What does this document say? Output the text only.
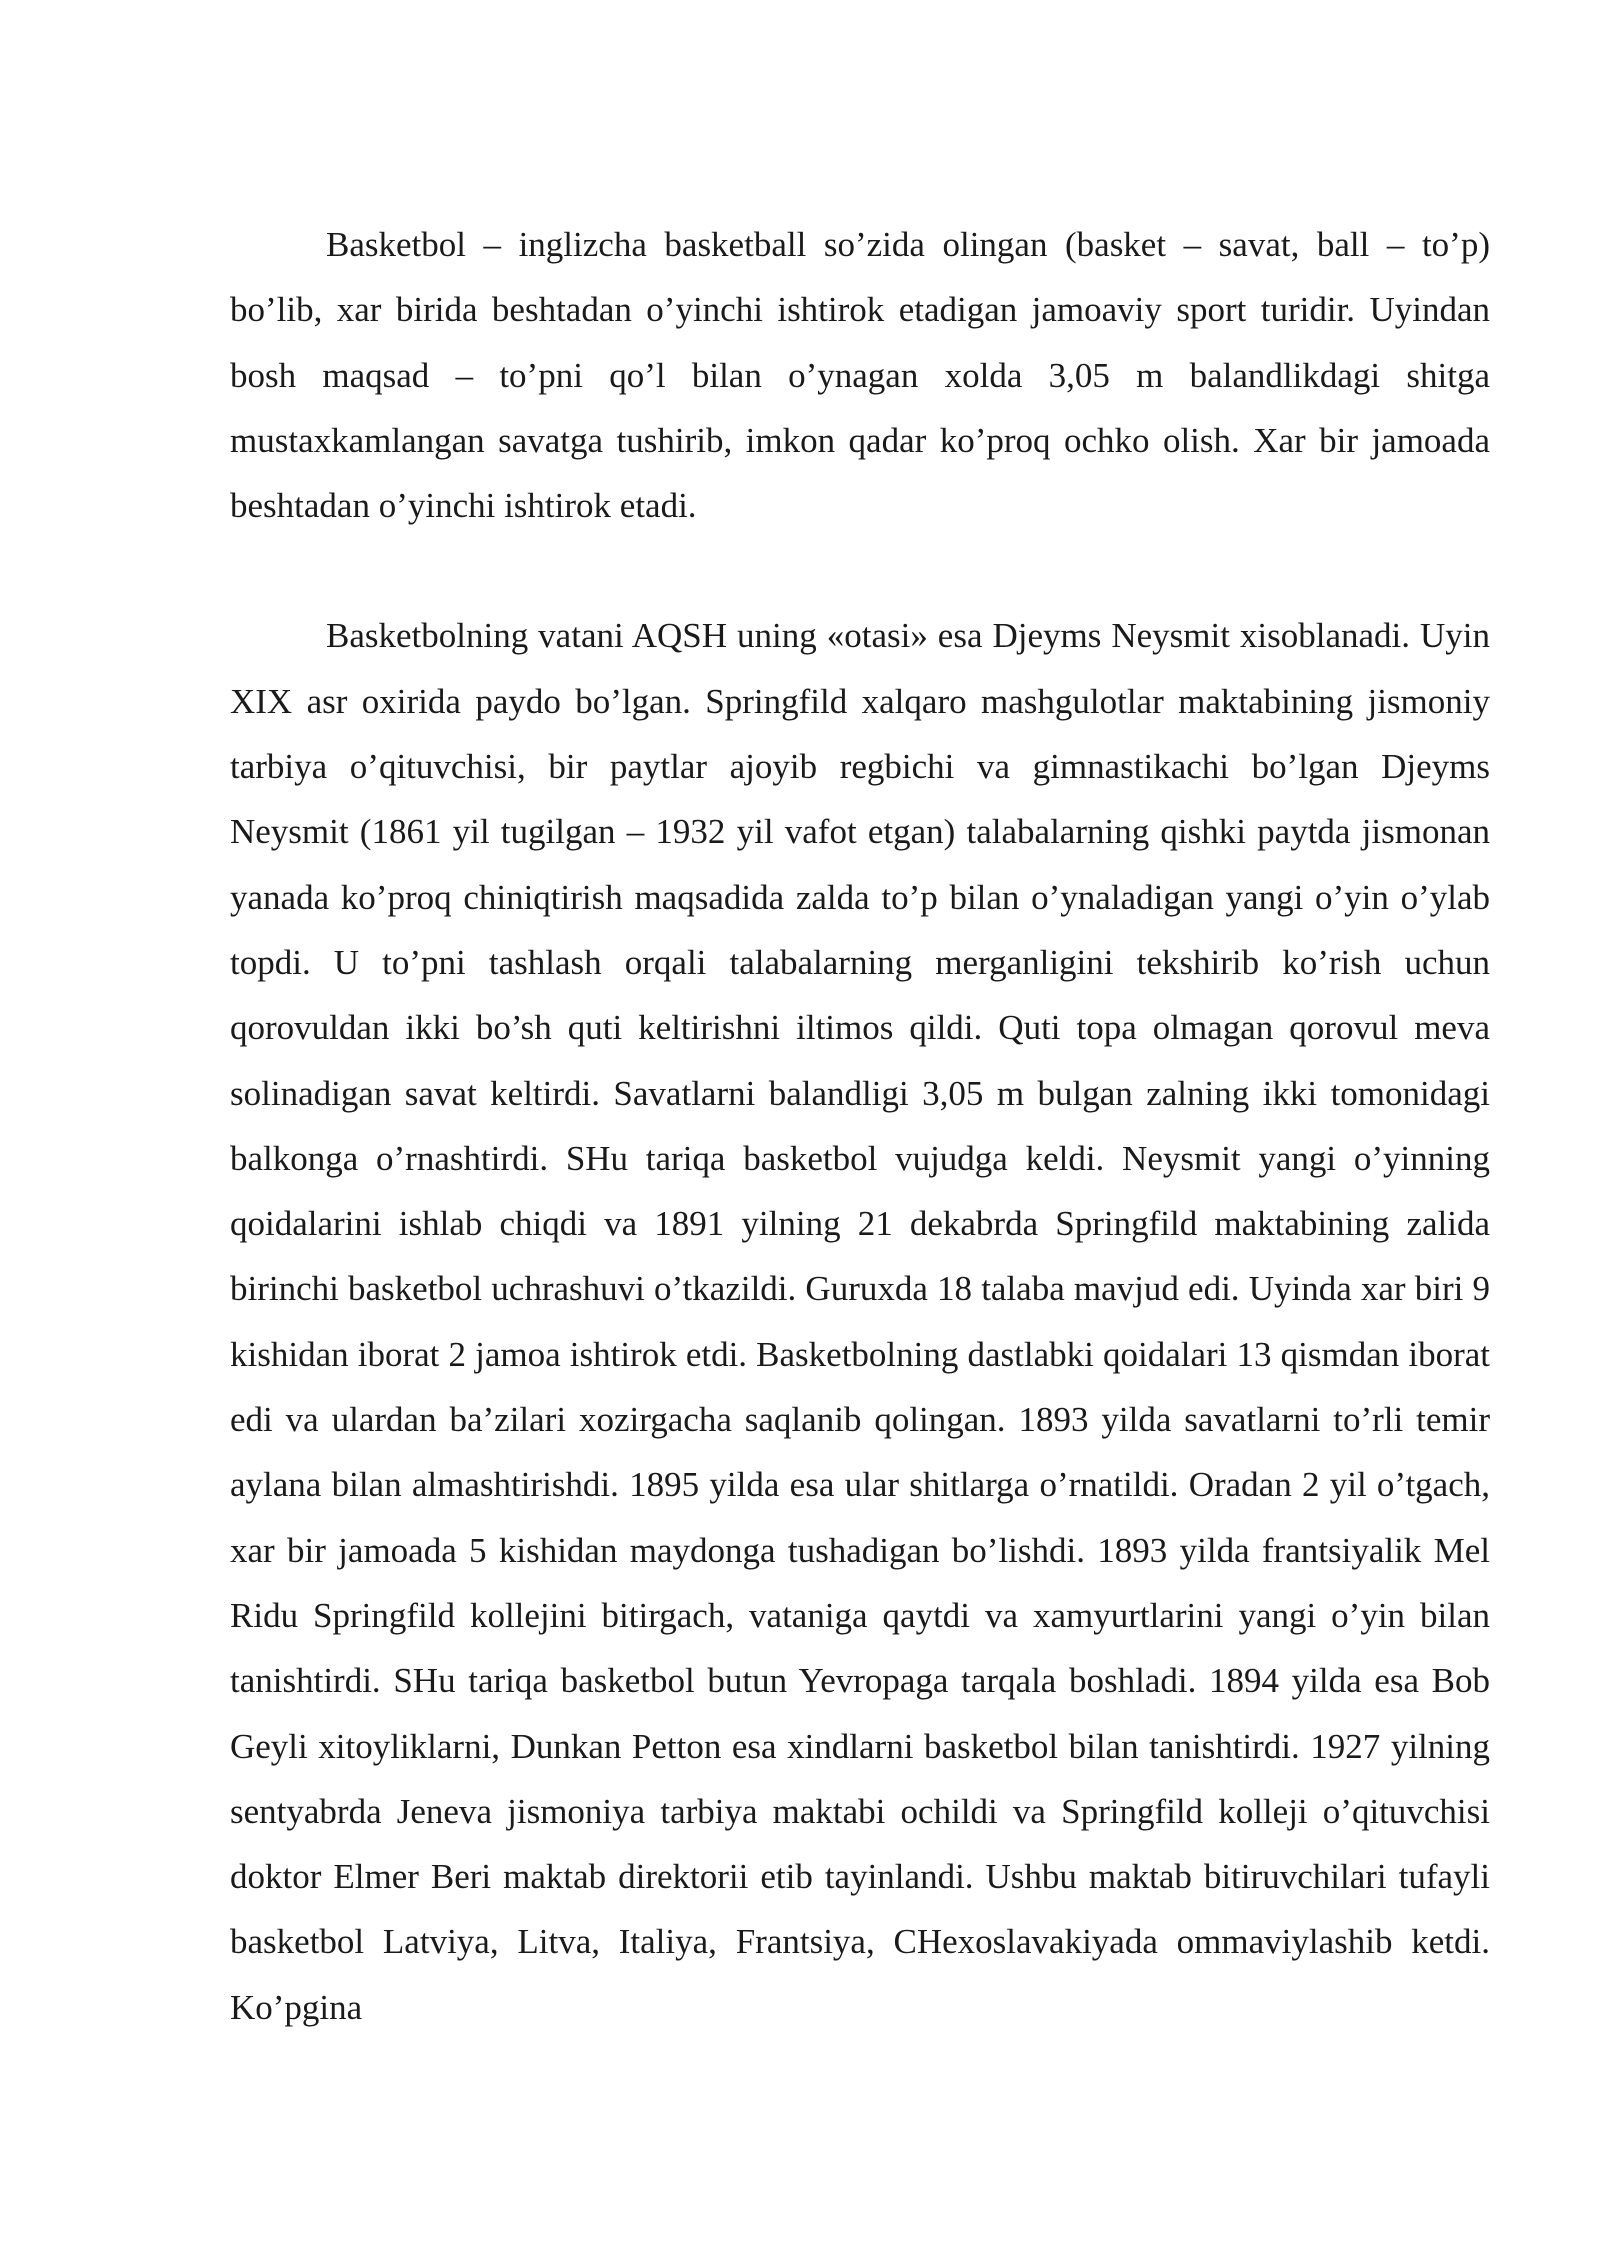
Basketbol – inglizcha basketball so’zida olingan (basket – savat, ball – to’p) bo’lib, xar birida beshtadan o’yinchi ishtirok etadigan jamoaviy sport turidir. Uyindan bosh maqsad – to’pni qo’l bilan o’ynagan xolda 3,05 m balandlikdagi shitga mustaxkamlangan savatga tushirib, imkon qadar ko’proq ochko olish. Xar bir jamoada beshtadan o’yinchi ishtirok etadi.

Basketbolning vatani AQSH uning «otasi» esa Djeyms Neysmit xisoblanadi. Uyin XIX asr oxirida paydo bo’lgan. Springfild xalqaro mashgulotlar maktabining jismoniy tarbiya o’qituvchisi, bir paytlar ajoyib regbichi va gimnastikachi bo’lgan Djeyms Neysmit (1861 yil tugilgan – 1932 yil vafot etgan) talabalarning qishki paytda jismonan yanada ko’proq chiniqtirish maqsadida zalda to’p bilan o’ynaladigan yangi o’yin o’ylab topdi. U to’pni tashlash orqali talabalarning merganligini tekshirib ko’rish uchun qorovuldan ikki bo’sh quti keltirishni iltimos qildi. Quti topa olmagan qorovul meva solinadigan savat keltirdi. Savatlarni balandligi 3,05 m bulgan zalning ikki tomonidagi balkonga o’rnashtirdi. SHu tariqa basketbol vujudga keldi. Neysmit yangi o’yinning qoidalarini ishlab chiqdi va 1891 yilning 21 dekabrda Springfild maktabining zalida birinchi basketbol uchrashuvi o’tkazildi. Guruxda 18 talaba mavjud edi. Uyinda xar biri 9 kishidan iborat 2 jamoa ishtirok etdi. Basketbolning dastlabki qoidalari 13 qismdan iborat edi va ulardan ba’zilari xozirgacha saqlanib qolingan. 1893 yilda savatlarni to’rli temir aylana bilan almashtirishdi. 1895 yilda esa ular shitlarga o’rnatildi. Oradan 2 yil o’tgach, xar bir jamoada 5 kishidan maydonga tushadigan bo’lishdi. 1893 yilda frantsiyalik Mel Ridu Springfild kollejini bitirgach, vataniga qaytdi va xamyurtlarini yangi o’yin bilan tanishtirdi. SHu tariqa basketbol butun Yevropaga tarqala boshladi. 1894 yilda esa Bob Geyli xitoyliklarni, Dunkan Petton esa xindlarni basketbol bilan tanishtirdi. 1927 yilning sentyabrda Jeneva jismoniya tarbiya maktabi ochildi va Springfild kolleji o’qituvchisi doktor Elmer Beri maktab direktorii etib tayinlandi. Ushbu maktab bitiruvchilari tufayli basketbol Latviya, Litva, Italiya, Frantsiya, CHexoslavakiyada ommaviylashib ketdi. Ko’pgina
